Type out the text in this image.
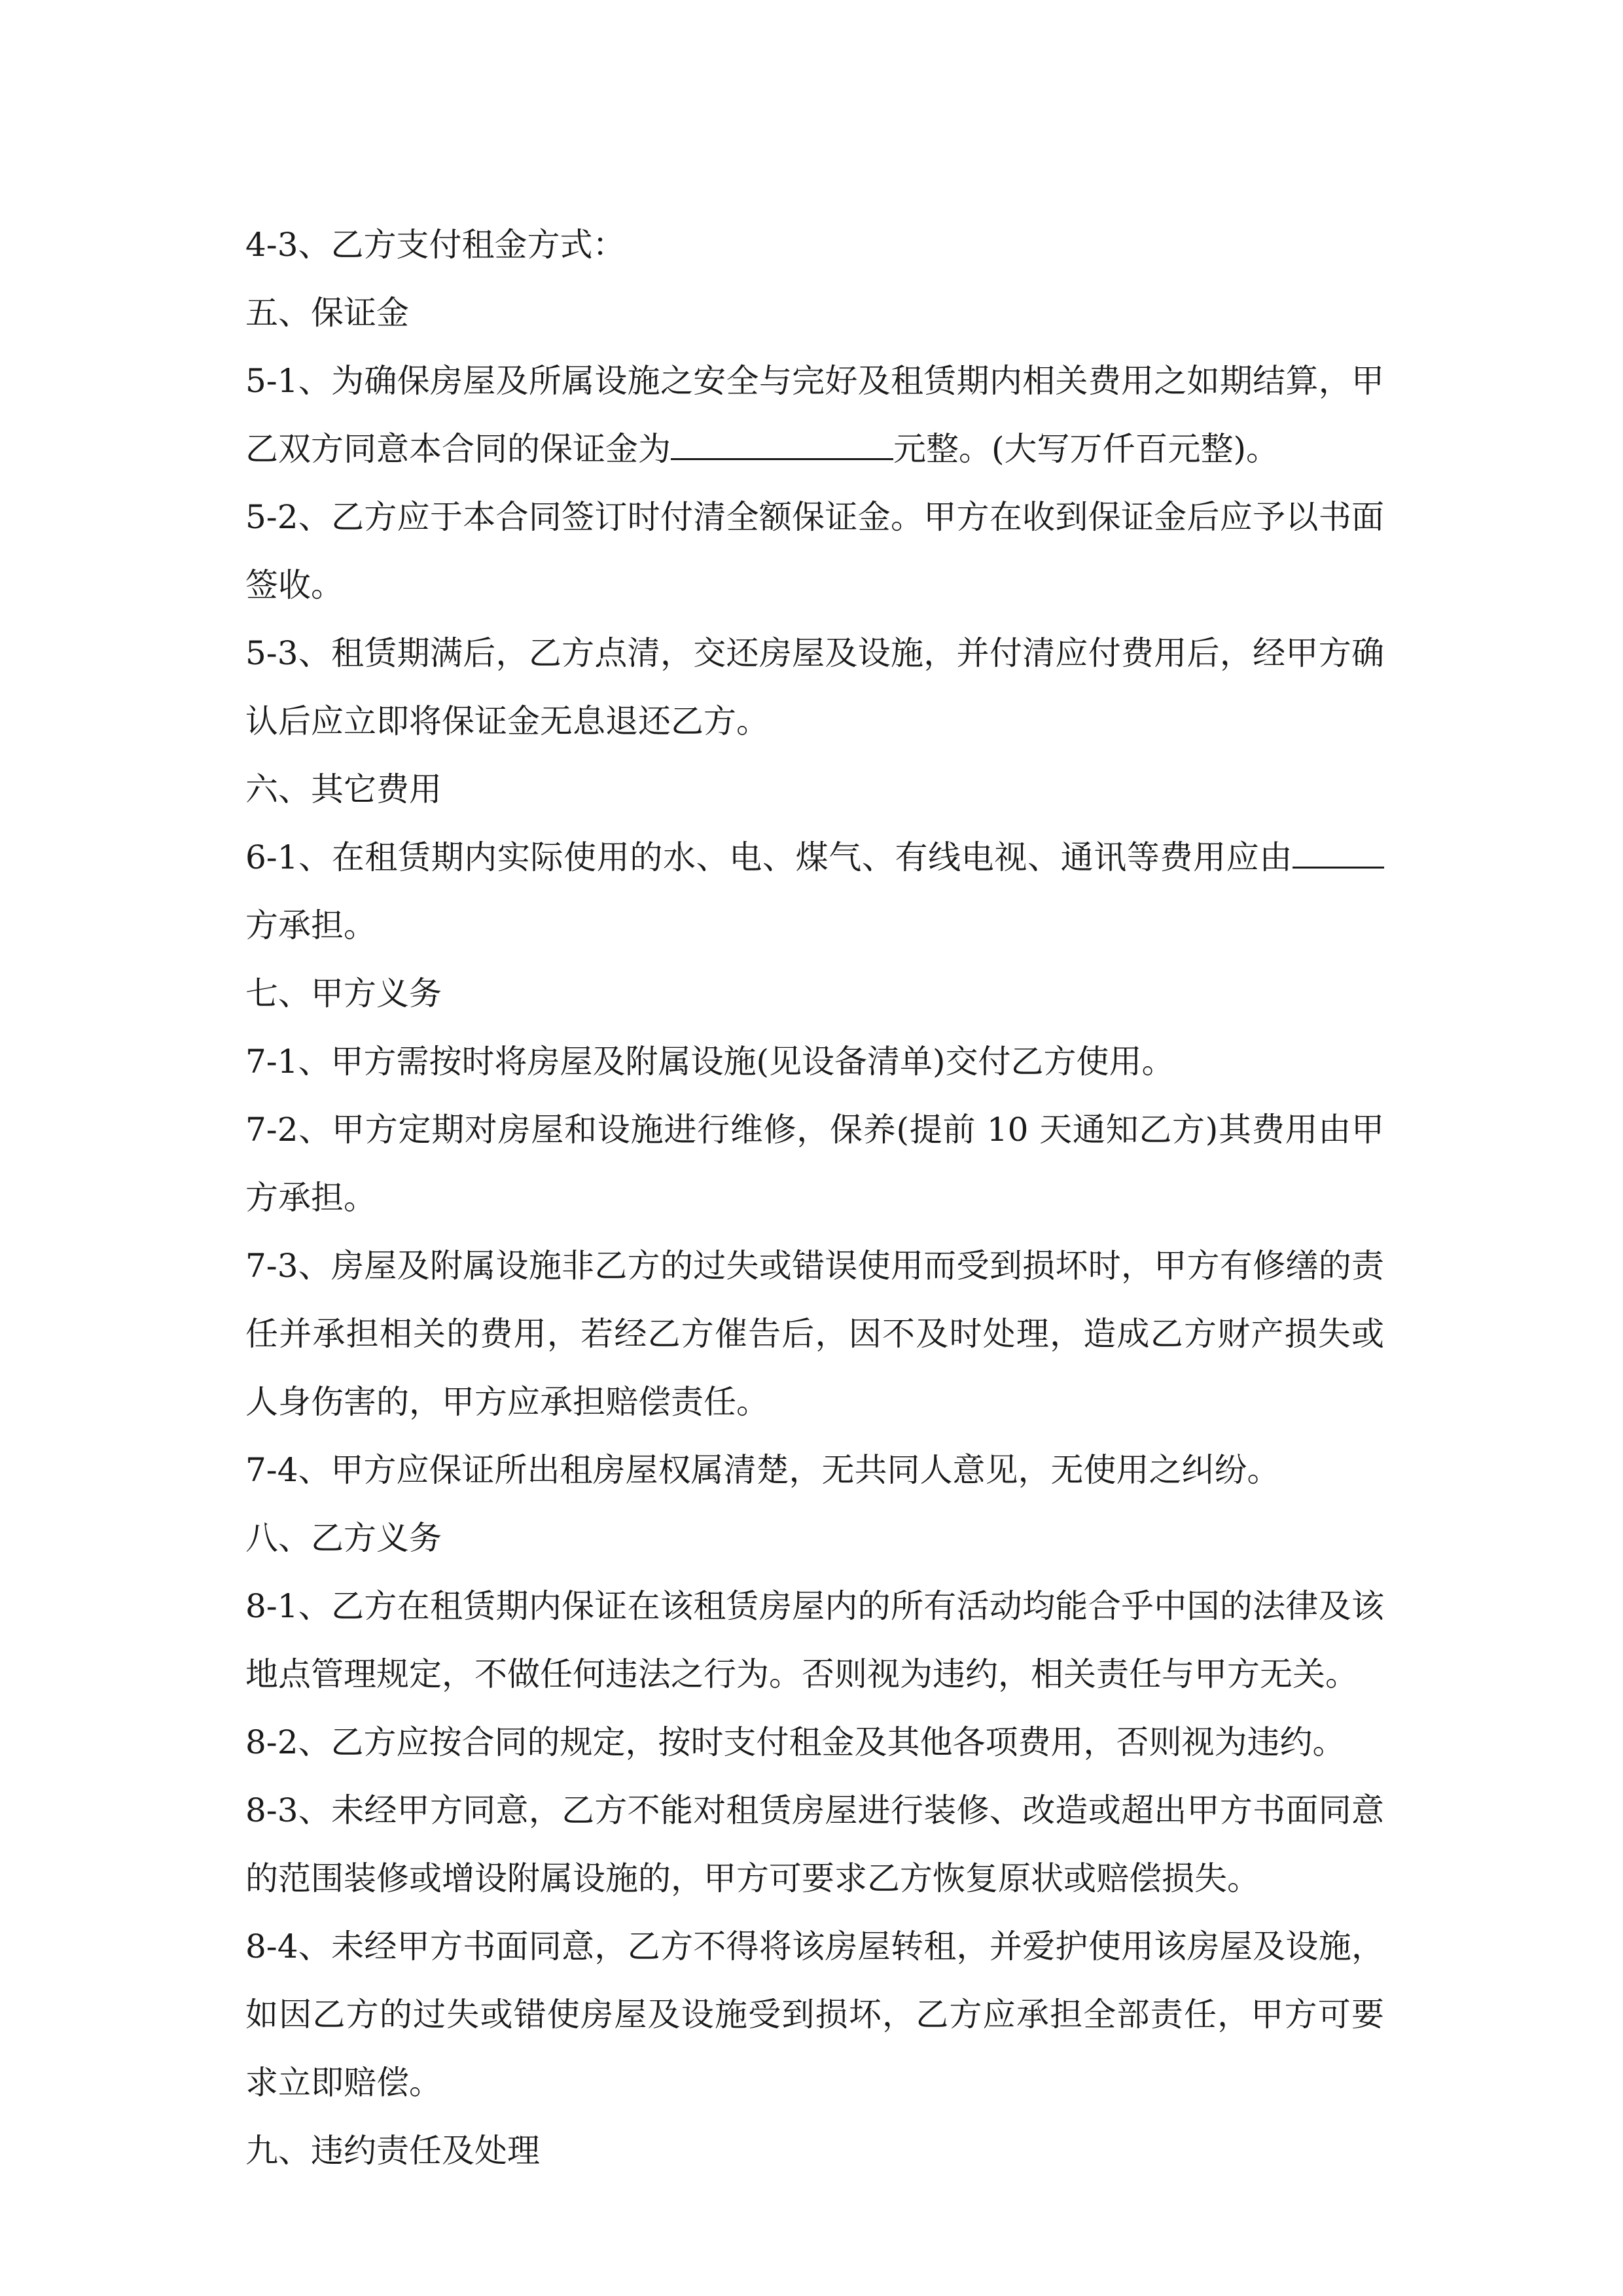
4-3、乙方支付租金方式：

五、保证金

5-1、为确保房屋及所属设施之安全与完好及租赁期内相关费用之如期结算，甲乙双方同意本合同的保证金为	元整。(大写万仟百元整)。

5-2、乙方应于本合同签订时付清全额保证金。甲方在收到保证金后应予以书面签收。

5-3、租赁期满后，乙方点清，交还房屋及设施，并付清应付费用后，经甲方确认后应立即将保证金无息退还乙方。

六、其它费用

6-1、在租赁期内实际使用的水、电、煤气、有线电视、通讯等费用应由方承担。

七、甲方义务

7-1、甲方需按时将房屋及附属设施(见设备清单)交付乙方使用。

7-2、甲方定期对房屋和设施进行维修，保养(提前 10 天通知乙方)其费用由甲方承担。

7-3、房屋及附属设施非乙方的过失或错误使用而受到损坏时，甲方有修缮的责任并承担相关的费用，若经乙方催告后，因不及时处理，造成乙方财产损失或人身伤害的，甲方应承担赔偿责任。

7-4、甲方应保证所出租房屋权属清楚，无共同人意见，无使用之纠纷。

八、乙方义务

8-1、乙方在租赁期内保证在该租赁房屋内的所有活动均能合乎中国的法律及该地点管理规定，不做任何违法之行为。否则视为违约，相关责任与甲方无关。

8-2、乙方应按合同的规定，按时支付租金及其他各项费用，否则视为违约。

8-3、未经甲方同意，乙方不能对租赁房屋进行装修、改造或超出甲方书面同意的范围装修或增设附属设施的，甲方可要求乙方恢复原状或赔偿损失。

8-4、未经甲方书面同意，乙方不得将该房屋转租，并爱护使用该房屋及设施，如因乙方的过失或错使房屋及设施受到损坏，乙方应承担全部责任，甲方可要求立即赔偿。

九、违约责任及处理
